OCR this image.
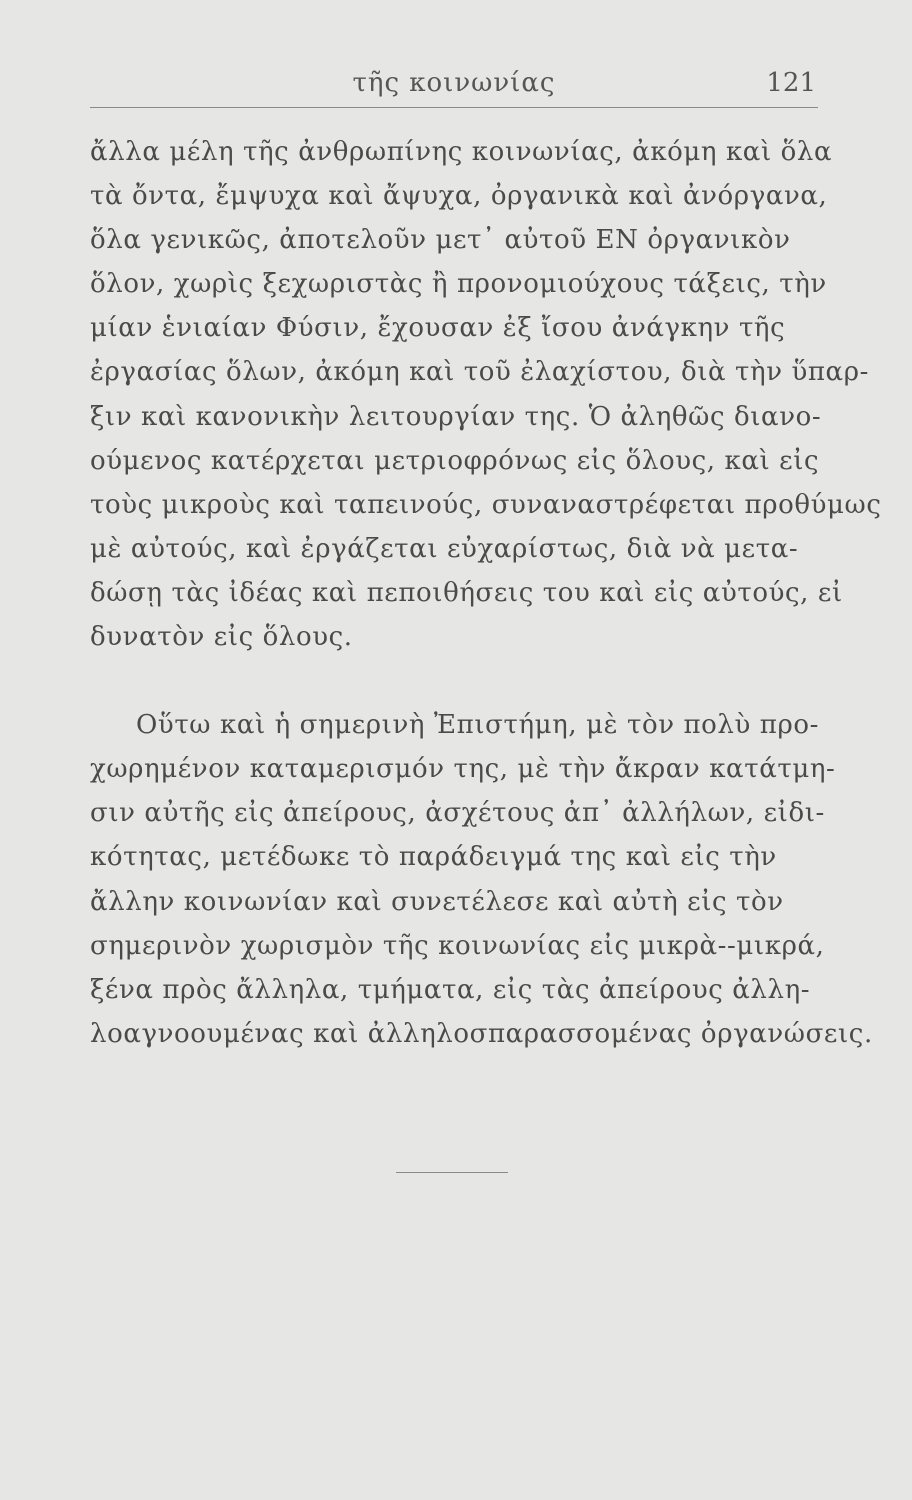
τῆς κοινωνίας	121
ἄλλα μέλη τῆς ἀνθρωπίνης κοινωνίας, ἀκόμη καὶ ὅλα
τὰ ὄντα, ἔμψυχα καὶ ἄψυχα, ὀργανικὰ καὶ ἀνόργανα,
ὅλα γενικῶς, ἀποτελοῦν μετ᾿ αὐτοῦ ΕΝ ὀργανικὸν
ὅλον, χωρὶς ξεχωριστὰς ἢ προνομιούχους τάξεις, τὴν
μίαν ἑνιαίαν Φύσιν, ἔχουσαν ἐξ ἴσου ἀνάγκην τῆς
ἐργασίας ὅλων, ἀκόμη καὶ τοῦ ἐλαχίστου, διὰ τὴν ὕπαρ-
ξιν καὶ κανονικὴν λειτουργίαν της. Ὁ ἀληθῶς διανο-
ούμενος κατέρχεται μετριοφρόνως εἰς ὅλους, καὶ εἰς
τοὺς μικροὺς καὶ ταπεινούς, συναναστρέφεται προθύμως
μὲ αὐτούς, καὶ ἐργάζεται εὐχαρίστως, διὰ νὰ μετα-
δώσῃ τὰς ἰδέας καὶ πεποιθήσεις του καὶ εἰς αὐτούς, εἰ
δυνατὸν εἰς ὅλους.
Οὕτω καὶ ἡ σημερινὴ Ἐπιστήμη, μὲ τὸν πολὺ προ-
χωρημένον καταμερισμόν της, μὲ τὴν ἄκραν κατάτμη-
σιν αὐτῆς εἰς ἀπείρους, ἀσχέτους ἀπ᾿ ἀλλήλων, εἰδι-
κότητας, μετέδωκε τὸ παράδειγμά της καὶ εἰς τὴν
ἄλλην κοινωνίαν καὶ συνετέλεσε καὶ αὐτὴ εἰς τὸν
σημερινὸν χωρισμὸν τῆς κοινωνίας εἰς μικρὰ--μικρά,
ξένα πρὸς ἄλληλα, τμήματα, εἰς τὰς ἀπείρους ἀλλη-
λοαγνοουμένας καὶ ἀλληλοσπαρασσομένας ὀργανώσεις.
